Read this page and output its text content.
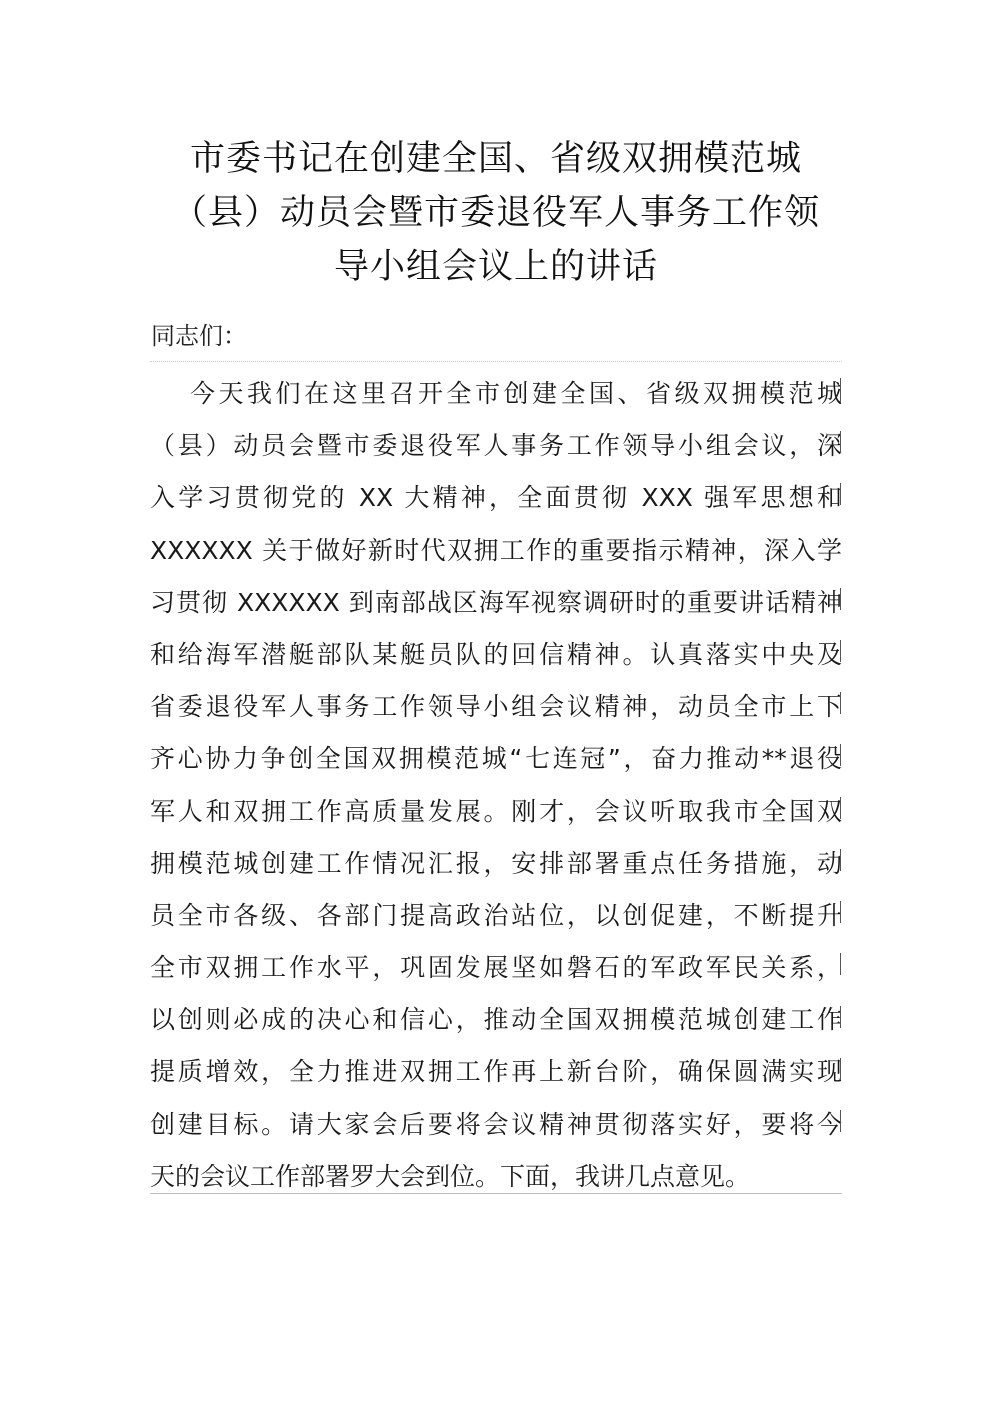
市委书记在创建全国、省级双拥模范城
（县）动员会暨市委退役军人事务工作领
导小组会议上的讲话

同志们：

今天我们在这里召开全市创建全国、省级双拥模范城
（县）动员会暨市委退役军人事务工作领导小组会议，深
入学习贯彻党的 XX 大精神，全面贯彻 XXX 强军思想和
XXXXXX 关于做好新时代双拥工作的重要指示精神，深入学
习贯彻 XXXXXX 到南部战区海军视察调研时的重要讲话精神
和给海军潜艇部队某艇员队的回信精神。认真落实中央及
省委退役军人事务工作领导小组会议精神，动员全市上下
齐心协力争创全国双拥模范城“七连冠”，奋力推动**退役
军人和双拥工作高质量发展。刚才，会议听取我市全国双
拥模范城创建工作情况汇报，安排部署重点任务措施，动
员全市各级、各部门提高政治站位，以创促建，不断提升
全市双拥工作水平，巩固发展坚如磐石的军政军民关系，
以创则必成的决心和信心，推动全国双拥模范城创建工作
提质增效，全力推进双拥工作再上新台阶，确保圆满实现
创建目标。请大家会后要将会议精神贯彻落实好，要将今
天的会议工作部署罗大会到位。下面，我讲几点意见。
